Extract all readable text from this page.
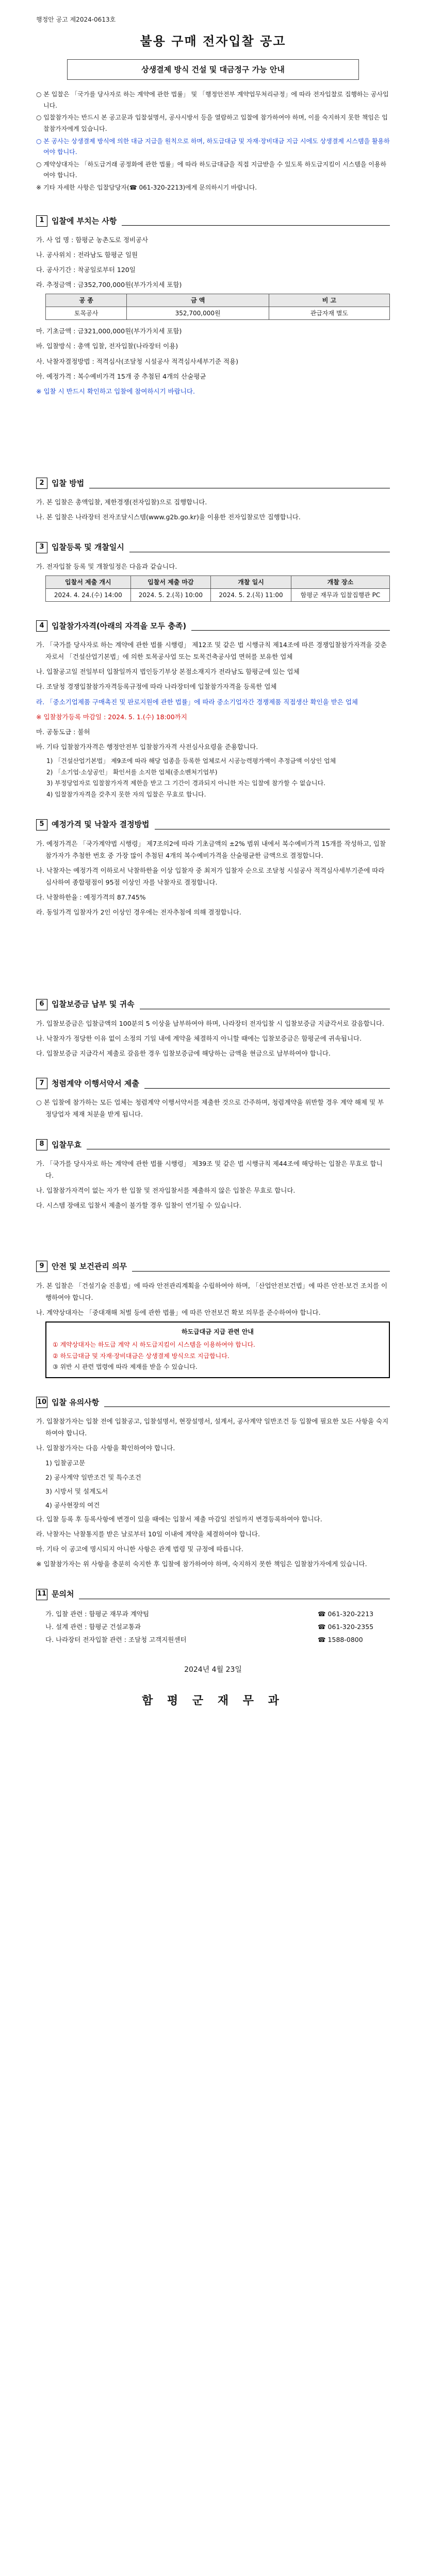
행정안 공고 제2024-0613호
불용 구매 전자입찰 공고
상생결제 방식 건설 및 대금정구 가능 안내

○ 본 입찰은 「국가를 당사자로 하는 계약에 관한 법률」 및 「행정안전부 계약업무처리규정」에 따라 전자입찰로 집행하는 공사입니다.

○ 입찰참가자는 반드시 본 공고문과 입찰설명서, 공사시방서 등을 열람하고 입찰에 참가하여야 하며, 이를 숙지하지 못한 책임은 입찰참가자에게 있습니다.

○ 본 공사는 상생결제 방식에 의한 대금 지급을 원칙으로 하며, 하도급대금 및 자재·장비대금 지급 시에도 상생결제 시스템을 활용하여야 합니다.

○ 계약상대자는 「하도급거래 공정화에 관한 법률」에 따라 하도급대금을 직접 지급받을 수 있도록 하도급지킴이 시스템을 이용하여야 합니다.

※ 기타 자세한 사항은 입찰담당자(☎ 061-320-2213)에게 문의하시기 바랍니다.

1 입찰에 부치는 사항

가. 사 업 명 : 함평군 농촌도로 정비공사

나. 공사위치 : 전라남도 함평군 일원

다. 공사기간 : 착공일로부터 120일

라. 추정금액 : 금352,700,000원(부가가치세 포함)

공 종	금 액	비 고
토목공사	352,700,000원	관급자재 별도

마. 기초금액 : 금321,000,000원(부가가치세 포함)

바. 입찰방식 : 총액 입찰, 전자입찰(나라장터 이용)

사. 낙찰자결정방법 : 적격심사(조달청 시설공사 적격심사세부기준 적용)

아. 예정가격 : 복수예비가격 15개 중 추첨된 4개의 산술평균

※ 입찰 시 반드시 확인하고 입찰에 참여하시기 바랍니다.

2 입찰 방법

가. 본 입찰은 총액입찰, 제한경쟁(전자입찰)으로 집행합니다.

나. 본 입찰은 나라장터 전자조달시스템(www.g2b.go.kr)을 이용한 전자입찰로만 집행합니다.

3 입찰등록 및 개찰일시

가. 전자입찰 등록 및 개찰일정은 다음과 같습니다.

입찰서 제출 개시	입찰서 제출 마감	개찰 일시	개찰 장소
2024. 4. 24.(수) 14:00	2024. 5. 2.(목) 10:00	2024. 5. 2.(목) 11:00	함평군 재무과 입찰집행관 PC
4 입찰참가자격(아래의 자격을 모두 충족)

가. 「국가를 당사자로 하는 계약에 관한 법률 시행령」 제12조 및 같은 법 시행규칙 제14조에 따른 경쟁입찰참가자격을 갖춘 자로서 「건설산업기본법」에 의한 토목공사업 또는 토목건축공사업 면허를 보유한 업체

나. 입찰공고일 전일부터 입찰일까지 법인등기부상 본점소재지가 전라남도 함평군에 있는 업체

다. 조달청 경쟁입찰참가자격등록규정에 따라 나라장터에 입찰참가자격을 등록한 업체

라. 「중소기업제품 구매촉진 및 판로지원에 관한 법률」에 따라 중소기업자간 경쟁제품 직접생산 확인을 받은 업체

※ 입찰참가등록 마감일 : 2024. 5. 1.(수) 18:00까지

마. 공동도급 : 불허

바. 기타 입찰참가자격은 행정안전부 입찰참가자격 사전심사요령을 준용합니다.

1) 「건설산업기본법」 제9조에 따라 해당 업종을 등록한 업체로서 시공능력평가액이 추정금액 이상인 업체

2) 「소기업·소상공인」 확인서를 소지한 업체(중소벤처기업부)

3) 부정당업자로 입찰참가자격 제한을 받고 그 기간이 경과되지 아니한 자는 입찰에 참가할 수 없습니다.

4) 입찰참가자격을 갖추지 못한 자의 입찰은 무효로 합니다.

5 예정가격 및 낙찰자 결정방법

가. 예정가격은 「국가계약법 시행령」 제7조의2에 따라 기초금액의 ±2% 범위 내에서 복수예비가격 15개를 작성하고, 입찰참가자가 추첨한 번호 중 가장 많이 추첨된 4개의 복수예비가격을 산술평균한 금액으로 결정합니다.

나. 낙찰자는 예정가격 이하로서 낙찰하한율 이상 입찰자 중 최저가 입찰자 순으로 조달청 시설공사 적격심사세부기준에 따라 심사하여 종합평점이 95점 이상인 자를 낙찰자로 결정합니다.

다. 낙찰하한율 : 예정가격의 87.745%

라. 동일가격 입찰자가 2인 이상인 경우에는 전자추첨에 의해 결정합니다.

6 입찰보증금 납부 및 귀속

가. 입찰보증금은 입찰금액의 100분의 5 이상을 납부하여야 하며, 나라장터 전자입찰 시 입찰보증금 지급각서로 갈음합니다.

나. 낙찰자가 정당한 이유 없이 소정의 기일 내에 계약을 체결하지 아니할 때에는 입찰보증금은 함평군에 귀속됩니다.

다. 입찰보증금 지급각서 제출로 갈음한 경우 입찰보증금에 해당하는 금액을 현금으로 납부하여야 합니다.

7 청렴계약 이행서약서 제출

○ 본 입찰에 참가하는 모든 업체는 청렴계약 이행서약서를 제출한 것으로 간주하며, 청렴계약을 위반할 경우 계약 해제 및 부정당업자 제재 처분을 받게 됩니다.

8 입찰무효

가. 「국가를 당사자로 하는 계약에 관한 법률 시행령」 제39조 및 같은 법 시행규칙 제44조에 해당하는 입찰은 무효로 합니다.

나. 입찰참가자격이 없는 자가 한 입찰 및 전자입찰서를 제출하지 않은 입찰은 무효로 합니다.

다. 시스템 장애로 입찰서 제출이 불가할 경우 입찰이 연기될 수 있습니다.

9 안전 및 보건관리 의무

가. 본 입찰은 「건설기술 진흥법」에 따라 안전관리계획을 수립하여야 하며, 「산업안전보건법」에 따른 안전·보건 조치를 이행하여야 합니다.

나. 계약상대자는 「중대재해 처벌 등에 관한 법률」에 따른 안전보건 확보 의무를 준수하여야 합니다.

하도급대금 지급 관련 안내

① 계약상대자는 하도급 계약 시 하도급지킴이 시스템을 이용하여야 합니다.

② 하도급대금 및 자재·장비대금은 상생결제 방식으로 지급합니다.

③ 위반 시 관련 법령에 따라 제재를 받을 수 있습니다.

10 입찰 유의사항

가. 입찰참가자는 입찰 전에 입찰공고, 입찰설명서, 현장설명서, 설계서, 공사계약 일반조건 등 입찰에 필요한 모든 사항을 숙지하여야 합니다.

나. 입찰참가자는 다음 사항을 확인하여야 합니다.

1) 입찰공고문

2) 공사계약 일반조건 및 특수조건

3) 시방서 및 설계도서

4) 공사현장의 여건

다. 입찰 등록 후 등록사항에 변경이 있을 때에는 입찰서 제출 마감일 전일까지 변경등록하여야 합니다.

라. 낙찰자는 낙찰통지를 받은 날로부터 10일 이내에 계약을 체결하여야 합니다.

마. 기타 이 공고에 명시되지 아니한 사항은 관계 법령 및 규정에 따릅니다.

※ 입찰참가자는 위 사항을 충분히 숙지한 후 입찰에 참가하여야 하며, 숙지하지 못한 책임은 입찰참가자에게 있습니다.

11 문의처
가. 입찰 관련 : 함평군 재무과 계약팀	☎ 061-320-2213
나. 설계 관련 : 함평군 건설교통과	☎ 061-320-2355
다. 나라장터 전자입찰 관련 : 조달청 고객지원센터	☎ 1588-0800
2024년 4월 23일
함 평 군 재 무 과
